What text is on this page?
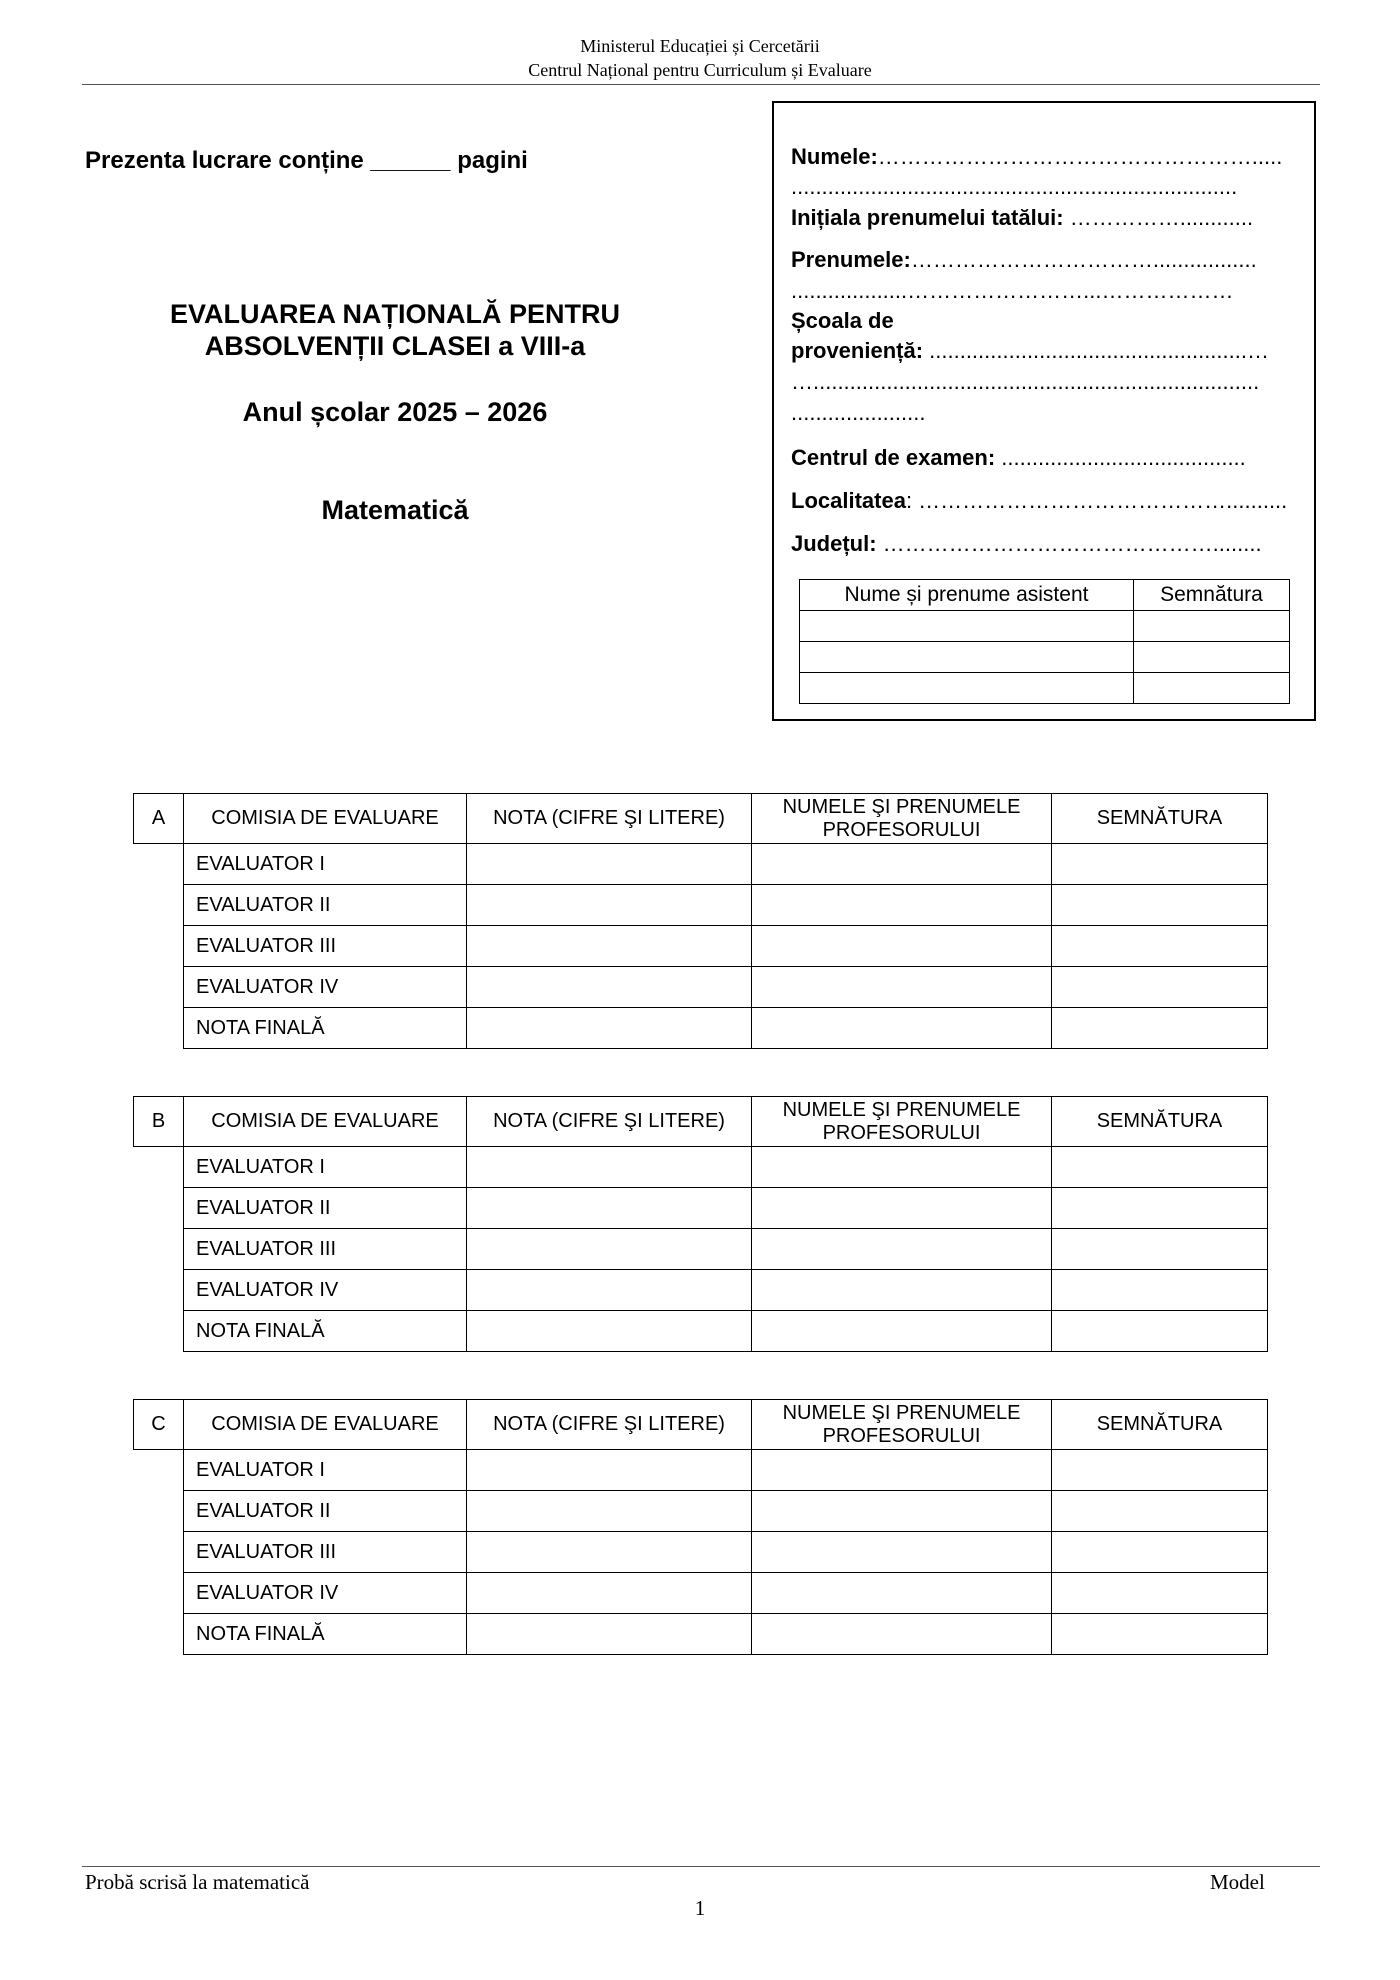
Ministerul Educației și Cercetării
Centrul Național pentru Curriculum și Evaluare
Prezenta lucrare conține ______ pagini
EVALUAREA NAȚIONALĂ PENTRU
ABSOLVENȚII CLASEI a VIII-a
Anul școlar 2025 – 2026
Matematică
Numele:…………………………………………….....
.........................................................................
Inițiala prenumelui tatălui: ……………............
Prenumele:…………………………….................
...................……………………...………………
Școala de
proveniență: ....................................................…
….........................................................................
......................
Centrul de examen: ........................................
Localitatea: ……………………………………..........
Județul: ………………………………………........
Nume și prenume asistent	Semnătura

A	COMISIA DE EVALUARE	NOTA (CIFRE ŞI LITERE)	NUMELE ŞI PRENUMELE
PROFESORULUI	SEMNĂTURA
	EVALUATOR I			
	EVALUATOR II			
	EVALUATOR III			
	EVALUATOR IV			
	NOTA FINALĂ			
B	COMISIA DE EVALUARE	NOTA (CIFRE ŞI LITERE)	NUMELE ŞI PRENUMELE
PROFESORULUI	SEMNĂTURA
	EVALUATOR I			
	EVALUATOR II			
	EVALUATOR III			
	EVALUATOR IV			
	NOTA FINALĂ			
C	COMISIA DE EVALUARE	NOTA (CIFRE ŞI LITERE)	NUMELE ŞI PRENUMELE
PROFESORULUI	SEMNĂTURA
	EVALUATOR I			
	EVALUATOR II			
	EVALUATOR III			
	EVALUATOR IV			
	NOTA FINALĂ			
Probă scrisă la matematică	Model
1
